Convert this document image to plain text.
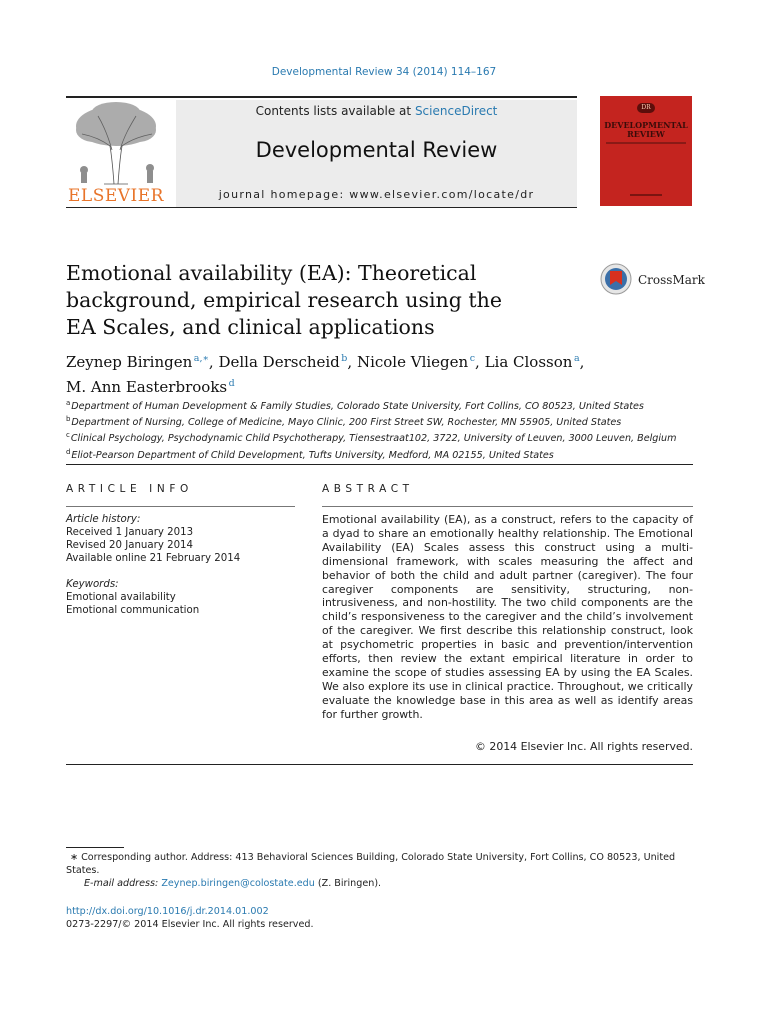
Developmental Review 34 (2014) 114–167
ELSEVIER
Contents lists available at ScienceDirect
Developmental Review
journal homepage: www.elsevier.com/locate/dr
DR
DEVELOPMENTAL REVIEW
Emotional availability (EA): Theoretical background, empirical research using the EA Scales, and clinical applications
CrossMark
Zeynep Biringen  $^{a,∗}$, Della Derscheid  $^b$, Nicole Vliegen  $^c$, Lia Closson  $^a$,
M. Ann Easterbrooks  $^d$
$^a$ Department of Human Development & Family Studies, Colorado State University, Fort Collins, CO 80523, United States
$^b$ Department of Nursing, College of Medicine, Mayo Clinic, 200 First Street SW, Rochester, MN 55905, United States
$^c$ Clinical Psychology, Psychodynamic Child Psychotherapy, Tiensestraat102, 3722, University of Leuven, 3000 Leuven, Belgium
$^d$ Eliot-Pearson Department of Child Development, Tufts University, Medford, MA 02155, United States
ARTICLE INFO
Article history:
Received 1 January 2013
Revised 20 January 2014
Available online 21 February 2014
Keywords:
Emotional availability
Emotional communication
ABSTRACT
Emotional availability (EA), as a construct, refers to the capacity of a dyad to share an emotionally healthy relationship. The Emotional Availability (EA) Scales assess this construct using a multi-dimensional framework, with scales measuring the affect and behavior of both the child and adult partner (caregiver). The four caregiver components are sensitivity, structuring, non-intrusiveness, and non-hostility. The two child components are the child’s responsiveness to the caregiver and the child’s involvement of the caregiver. We first describe this relationship construct, look at psychometric properties in basic and prevention/intervention efforts, then review the extant empirical literature in order to examine the scope of studies assessing EA by using the EA Scales. We also explore its use in clinical practice. Throughout, we critically evaluate the knowledge base in this area as well as identify areas for further growth.
© 2014 Elsevier Inc. All rights reserved.
∗ Corresponding author. Address: 413 Behavioral Sciences Building, Colorado State University, Fort Collins, CO 80523, United States.
E-mail address: Zeynep.biringen@colostate.edu (Z. Biringen).
http://dx.doi.org/10.1016/j.dr.2014.01.002
0273-2297/© 2014 Elsevier Inc. All rights reserved.
